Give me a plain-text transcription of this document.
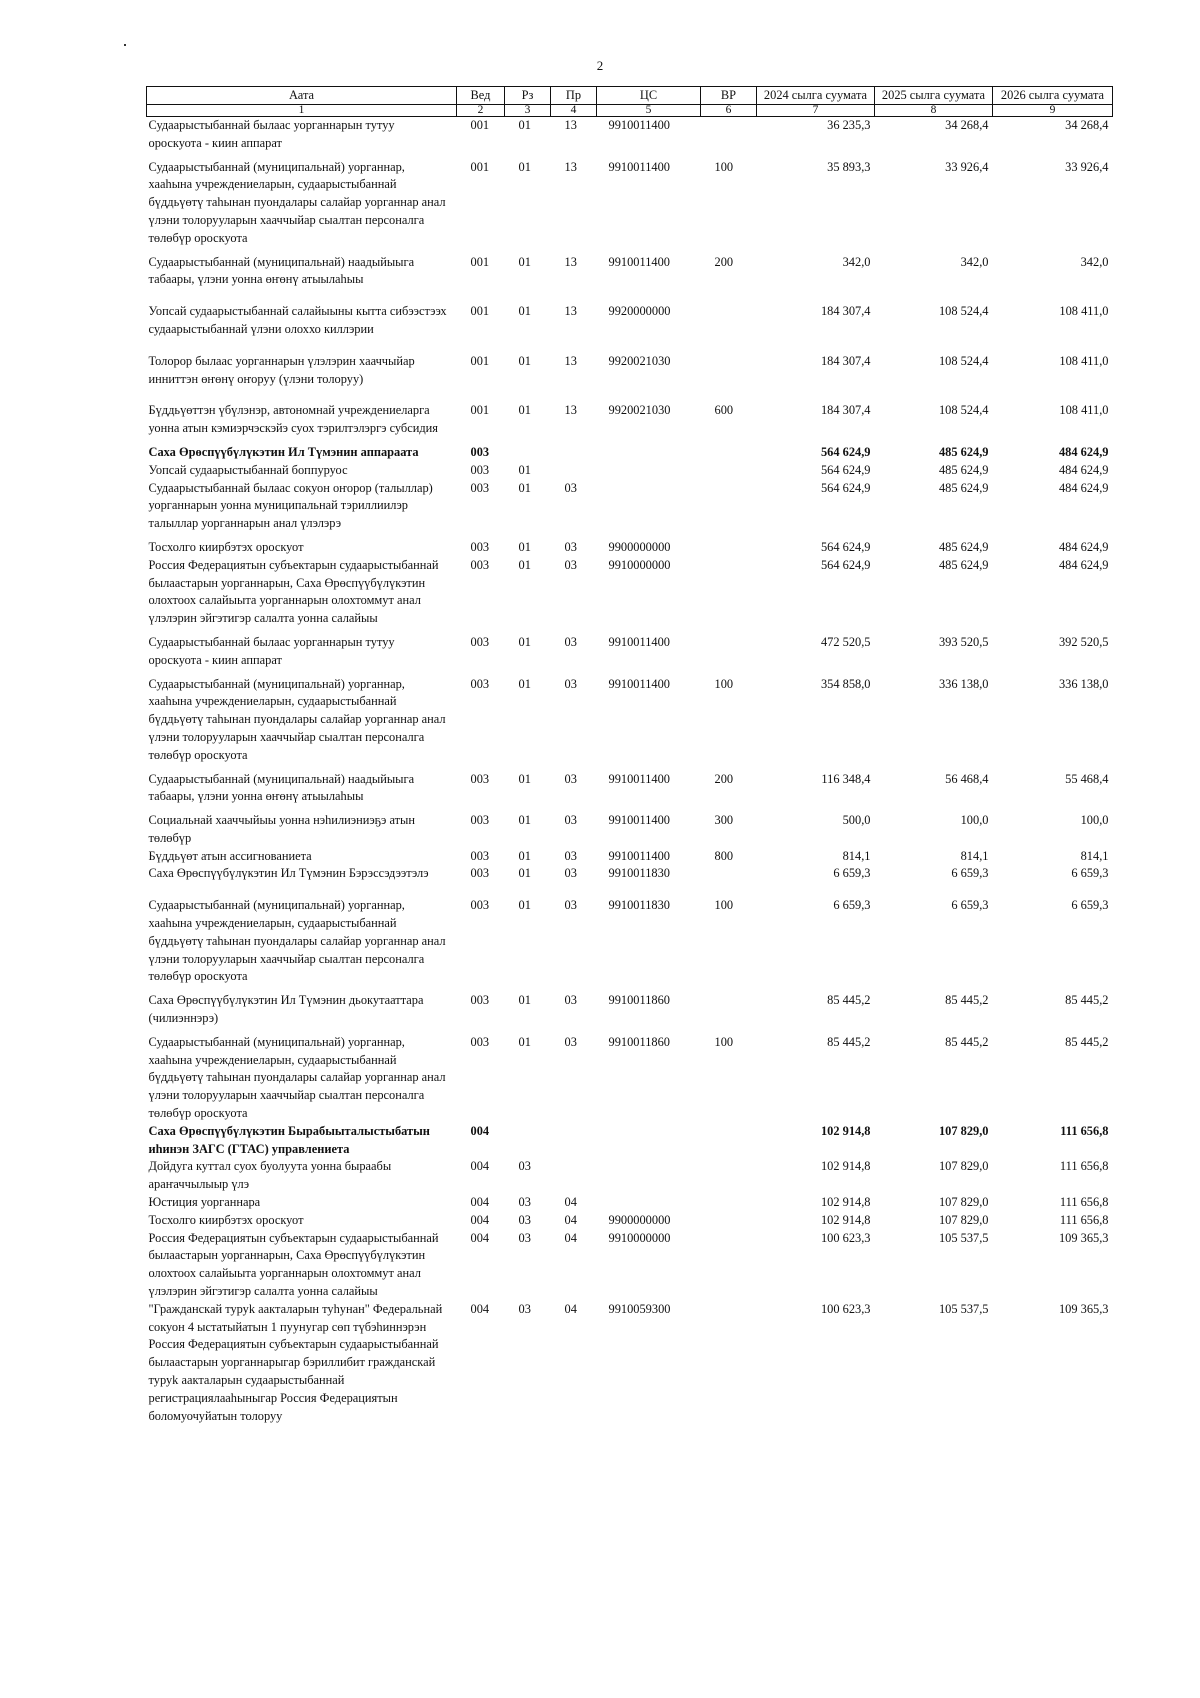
2
Аата	Вед	Рз	Пр	ЦС	ВР	2024 сылга суумата	2025 сылга суумата	2026 сылга суумата
1	2	3	4	5	6	7	8	9
Судаарыстыбаннай былаас уорганнарын тутуу ороскуота - киин аппарат	001	01	13	9910011400		36 235,3	34 268,4	34 268,4
Судаарыстыбаннай (муниципальнай) уорганнар, хааһына учреждениеларын, судаарыстыбаннай бүддьүөтү таһынан пуондалары салайар уорганнар анал үлэни толорууларын хааччыйар сыалтан персоналга төлөбүр ороскуота	001	01	13	9910011400	100	35 893,3	33 926,4	33 926,4
Судаарыстыбаннай (муниципальнай) наадыйыыга табаары, үлэни уонна өҥөнү атыылаһыы	001	01	13	9910011400	200	342,0	342,0	342,0
Уопсай судаарыстыбаннай салайыыны кытта сибээстээх судаарыстыбаннай үлэни олоххо киллэрии	001	01	13	9920000000		184 307,4	108 524,4	108 411,0
Толорор былаас уорганнарын үлэлэрин хааччыйар инниттэн өҥөнү оҥоруу (үлэни толоруу)	001	01	13	9920021030		184 307,4	108 524,4	108 411,0
Бүддьүөттэн үбүлэнэр, автономнай учреждениеларга уонна атын кэмиэрчэскэйэ суох тэрилтэлэргэ субсидия	001	01	13	9920021030	600	184 307,4	108 524,4	108 411,0
Саха Өрөспүүбүлүкэтин Ил Түмэнин аппараата	003					564 624,9	485 624,9	484 624,9
Уопсай судаарыстыбаннай боппуруос	003	01				564 624,9	485 624,9	484 624,9
Судаарыстыбаннай былаас сокуон оҥорор (талыллар) уорганнарын уонна муниципальнай тэриллиилэр талыллар уорганнарын анал үлэлэрэ	003	01	03			564 624,9	485 624,9	484 624,9
Тосхолго киирбэтэх ороскуот	003	01	03	9900000000		564 624,9	485 624,9	484 624,9
Россия Федерациятын субъектарын судаарыстыбаннай былаастарын уорганнарын, Саха Өрөспүүбүлүкэтин олохтоох салайыыта уорганнарын олохтоммут анал үлэлэрин эйгэтигэр салалта уонна салайыы	003	01	03	9910000000		564 624,9	485 624,9	484 624,9
Судаарыстыбаннай былаас уорганнарын тутуу ороскуота - киин аппарат	003	01	03	9910011400		472 520,5	393 520,5	392 520,5
Судаарыстыбаннай (муниципальнай) уорганнар, хааһына учреждениеларын, судаарыстыбаннай бүддьүөтү таһынан пуондалары салайар уорганнар анал үлэни толорууларын хааччыйар сыалтан персоналга төлөбүр ороскуота	003	01	03	9910011400	100	354 858,0	336 138,0	336 138,0
Судаарыстыбаннай (муниципальнай) наадыйыыга табаары, үлэни уонна өҥөнү атыылаһыы	003	01	03	9910011400	200	116 348,4	56 468,4	55 468,4
Социальнай хааччыйыы уонна нэһилиэниэҕэ атын төлөбүр	003	01	03	9910011400	300	500,0	100,0	100,0
Бүддьүөт атын ассигнованиета	003	01	03	9910011400	800	814,1	814,1	814,1
Саха Өрөспүүбүлүкэтин Ил Түмэнин Бэрэссэдээтэлэ	003	01	03	9910011830		6 659,3	6 659,3	6 659,3
Судаарыстыбаннай (муниципальнай) уорганнар, хааһына учреждениеларын, судаарыстыбаннай бүддьүөтү таһынан пуондалары салайар уорганнар анал үлэни толорууларын хааччыйар сыалтан персоналга төлөбүр ороскуота	003	01	03	9910011830	100	6 659,3	6 659,3	6 659,3
Саха Өрөспүүбүлүкэтин Ил Түмэнин дьокутааттара (чилиэннэрэ)	003	01	03	9910011860		85 445,2	85 445,2	85 445,2
Судаарыстыбаннай (муниципальнай) уорганнар, хааһына учреждениеларын, судаарыстыбаннай бүддьүөтү таһынан пуондалары салайар уорганнар анал үлэни толорууларын хааччыйар сыалтан персоналга төлөбүр ороскуота	003	01	03	9910011860	100	85 445,2	85 445,2	85 445,2
Саха Өрөспүүбүлүкэтин Бырабыыталыстыбатын иһинэн ЗАГС (ГТАС) управлениета	004					102 914,8	107 829,0	111 656,8
Дойдуга куттал суох буолуута уонна быраабы араҥаччылыыр үлэ	004	03				102 914,8	107 829,0	111 656,8
Юстиция уорганнара	004	03	04			102 914,8	107 829,0	111 656,8
Тосхолго киирбэтэх ороскуот	004	03	04	9900000000		102 914,8	107 829,0	111 656,8
Россия Федерациятын субъектарын судаарыстыбаннай былаастарын уорганнарын, Саха Өрөспүүбүлүкэтин олохтоох салайыыта уорганнарын олохтоммут анал үлэлэрин эйгэтигэр салалта уонна салайыы	004	03	04	9910000000		100 623,3	105 537,5	109 365,3
"Гражданскай туруk аакталарын туһунан" Федеральнай сокуон 4 ыстатыйатын 1 пуунугар сөп түбэһиннэрэн Россия Федерациятын субъектарын судаарыстыбаннай былаастарын уорганнарыгар бэриллибит гражданскай туруk аакталарын судаарыстыбаннай регистрациялааһыныгар Россия Федерациятын боломуочуйатын толоруу	004	03	04	9910059300		100 623,3	105 537,5	109 365,3
